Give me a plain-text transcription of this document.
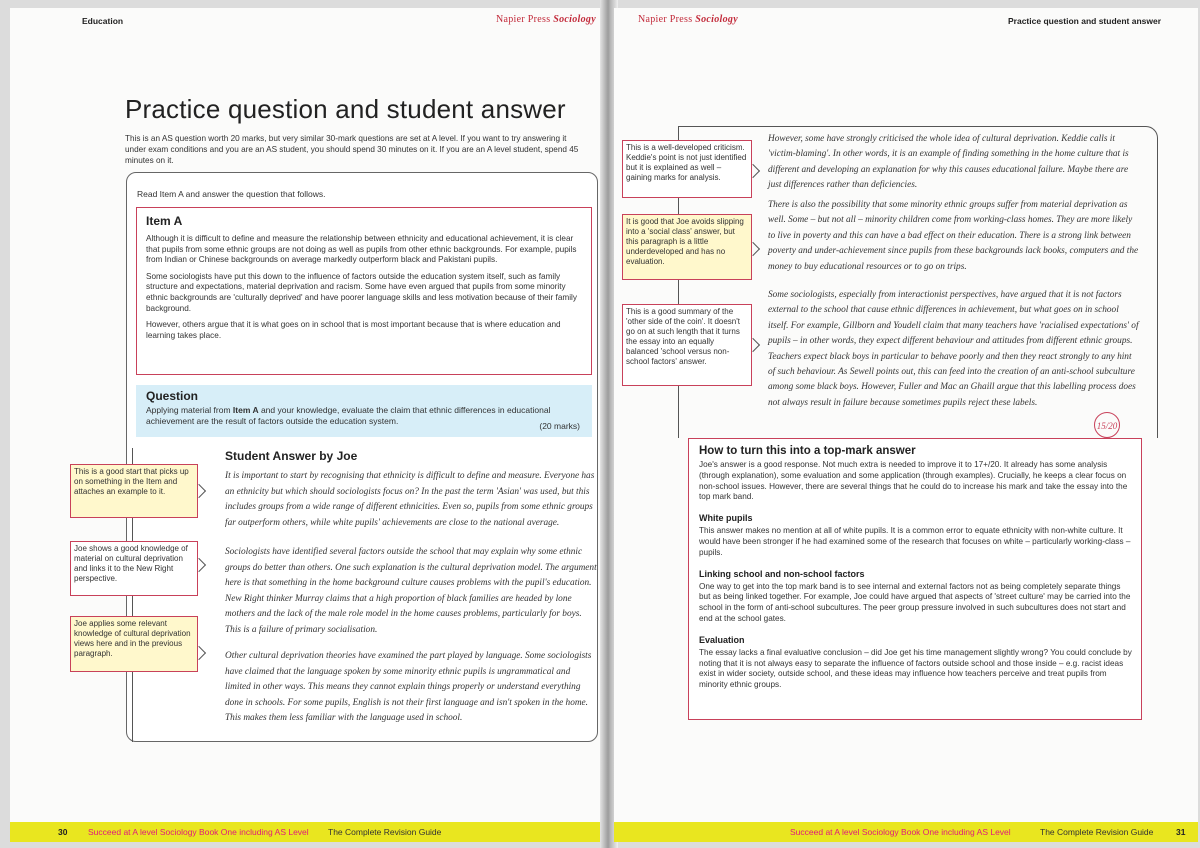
Education	Napier Press Sociology
Practice question and student answer

This is an AS question worth 20 marks, but very similar 30-mark questions are set at A level. If you want to try answering it under exam conditions and you are an AS student, you should spend 30 minutes on it. If you are an A level student, spend 45 minutes on it.

Read Item A and answer the question that follows.
Item A

Although it is difficult to define and measure the relationship between ethnicity and educational achievement, it is clear that pupils from some ethnic groups are not doing as well as pupils from other ethnic backgrounds. For example, pupils from Indian or Chinese backgrounds on average markedly outperform black and Pakistani pupils.

Some sociologists have put this down to the influence of factors outside the education system itself, such as family structure and expectations, material deprivation and racism. Some have even argued that pupils from some minority ethnic backgrounds are 'culturally deprived' and have poorer language skills and less motivation because of their family background.

However, others argue that it is what goes on in school that is most important because that is where education and learning takes place.

Question

Applying material from Item A and your knowledge, evaluate the claim that ethnic differences in educational achievement are the result of factors outside the education system.	(20 marks)
Student Answer by Joe

It is important to start by recognising that ethnicity is difficult to define and measure. Everyone has an ethnicity but which should sociologists focus on? In the past the term 'Asian' was used, but this includes groups from a wide range of different ethnicities. Even so, pupils from some ethnic groups far outperform others, while white pupils' achievements are close to the national average.

Sociologists have identified several factors outside the school that may explain why some ethnic groups do better than others. One such explanation is the cultural deprivation model. The argument here is that something in the home background culture causes problems with the pupil's education. New Right thinker Murray claims that a high proportion of black families are headed by lone mothers and the lack of the male role model in the home causes problems, particularly for boys. This is a failure of primary socialisation.

Other cultural deprivation theories have examined the part played by language. Some sociologists have claimed that the language spoken by some minority ethnic pupils is ungrammatical and limited in other ways. This means they cannot explain things properly or understand everything done in schools. For some pupils, English is not their first language and isn't spoken in the home. This makes them less familiar with the language used in school.

This is a good start that picks up on something in the Item and attaches an example to it.
Joe shows a good knowledge of material on cultural deprivation and links it to the New Right perspective.
Joe applies some relevant knowledge of cultural deprivation views here and in the previous paragraph.
30 Succeed at A level Sociology Book One including AS Level The Complete Revision Guide
Napier Press Sociology	Practice question and student answer

However, some have strongly criticised the whole idea of cultural deprivation. Keddie calls it 'victim-blaming'. In other words, it is an example of finding something in the home culture that is different and developing an explanation for why this causes educational failure. Maybe there are just differences rather than deficiencies.

There is also the possibility that some minority ethnic groups suffer from material deprivation as well. Some – but not all – minority children come from working-class homes. They are more likely to live in poverty and this can have a bad effect on their education. There is a strong link between poverty and under-achievement since pupils from these backgrounds lack books, computers and the money to buy educational resources or to go on trips.

Some sociologists, especially from interactionist perspectives, have argued that it is not factors external to the school that cause ethnic differences in achievement, but what goes on in school itself. For example, Gillborn and Youdell claim that many teachers have 'racialised expectations' of pupils – in other words, they expect different behaviour and attitudes from different ethnic groups. Teachers expect black boys in particular to behave poorly and then they react strongly to any hint of such behaviour. As Sewell points out, this can feed into the creation of an anti-school subculture among some black boys. However, Fuller and Mac an Ghaill argue that this labelling process does not always result in failure because sometimes pupils reject these labels.

This is a well-developed criticism. Keddie's point is not just identified but it is explained as well – gaining marks for analysis.
It is good that Joe avoids slipping into a 'social class' answer, but this paragraph is a little underdeveloped and has no evaluation.
This is a good summary of the 'other side of the coin'. It doesn't go on at such length that it turns the essay into an equally balanced 'school versus non-school factors' answer.
15/20
How to turn this into a top-mark answer

Joe's answer is a good response. Not much extra is needed to improve it to 17+/20. It already has some analysis (through explanation), some evaluation and some application (through examples). Crucially, he keeps a clear focus on non-school issues. However, there are several things that he could do to increase his mark and take the essay into the top mark band.

White pupils

This answer makes no mention at all of white pupils. It is a common error to equate ethnicity with non-white culture. It would have been stronger if he had examined some of the research that focuses on white – particularly working-class – pupils.

Linking school and non-school factors

One way to get into the top mark band is to see internal and external factors not as being completely separate things but as being linked together. For example, Joe could have argued that aspects of 'street culture' may be carried into the school in the form of anti-school subcultures. The peer group pressure involved in such subcultures does not start and end at the school gates.

Evaluation

The essay lacks a final evaluative conclusion – did Joe get his time management slightly wrong? You could conclude by noting that it is not always easy to separate the influence of factors outside school and those inside – e.g. racist ideas exist in wider society, outside school, and these ideas may influence how teachers perceive and treat pupils from minority ethnic groups.

Succeed at A level Sociology Book One including AS Level	The Complete Revision Guide	31
